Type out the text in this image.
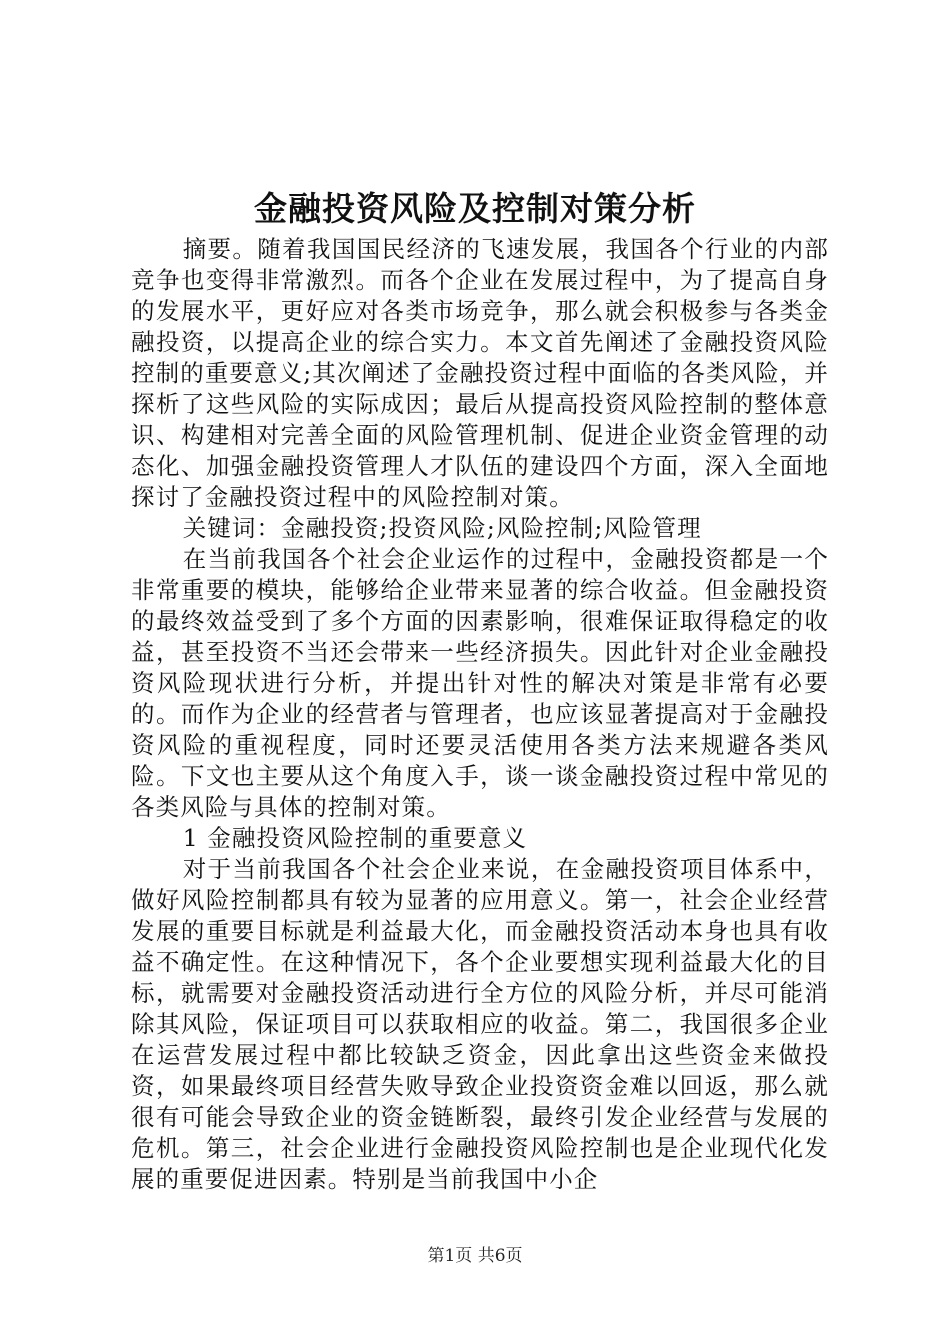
金融投资风险及控制对策分析

摘要。随着我国国民经济的飞速发展，我国各个行业的内部竞争也变得非常激烈。而各个企业在发展过程中，为了提高自身的发展水平，更好应对各类市场竞争，那么就会积极参与各类金融投资，以提高企业的综合实力。本文首先阐述了金融投资风险控制的重要意义;其次阐述了金融投资过程中面临的各类风险，并探析了这些风险的实际成因；最后从提高投资风险控制的整体意识、构建相对完善全面的风险管理机制、促进企业资金管理的动态化、加强金融投资管理人才队伍的建设四个方面，深入全面地探讨了金融投资过程中的风险控制对策。

关键词：金融投资;投资风险;风险控制;风险管理

在当前我国各个社会企业运作的过程中，金融投资都是一个非常重要的模块，能够给企业带来显著的综合收益。但金融投资的最终效益受到了多个方面的因素影响，很难保证取得稳定的收益，甚至投资不当还会带来一些经济损失。因此针对企业金融投资风险现状进行分析，并提出针对性的解决对策是非常有必要的。而作为企业的经营者与管理者，也应该显著提高对于金融投资风险的重视程度，同时还要灵活使用各类方法来规避各类风险。下文也主要从这个角度入手，谈一谈金融投资过程中常见的各类风险与具体的控制对策。

1 金融投资风险控制的重要意义

对于当前我国各个社会企业来说，在金融投资项目体系中，做好风险控制都具有较为显著的应用意义。第一，社会企业经营发展的重要目标就是利益最大化，而金融投资活动本身也具有收益不确定性。在这种情况下，各个企业要想实现利益最大化的目标，就需要对金融投资活动进行全方位的风险分析，并尽可能消除其风险，保证项目可以获取相应的收益。第二，我国很多企业在运营发展过程中都比较缺乏资金，因此拿出这些资金来做投资，如果最终项目经营失败导致企业投资资金难以回返，那么就很有可能会导致企业的资金链断裂，最终引发企业经营与发展的危机。第三，社会企业进行金融投资风险控制也是企业现代化发展的重要促进因素。特别是当前我国中小企

第1页 共6页
